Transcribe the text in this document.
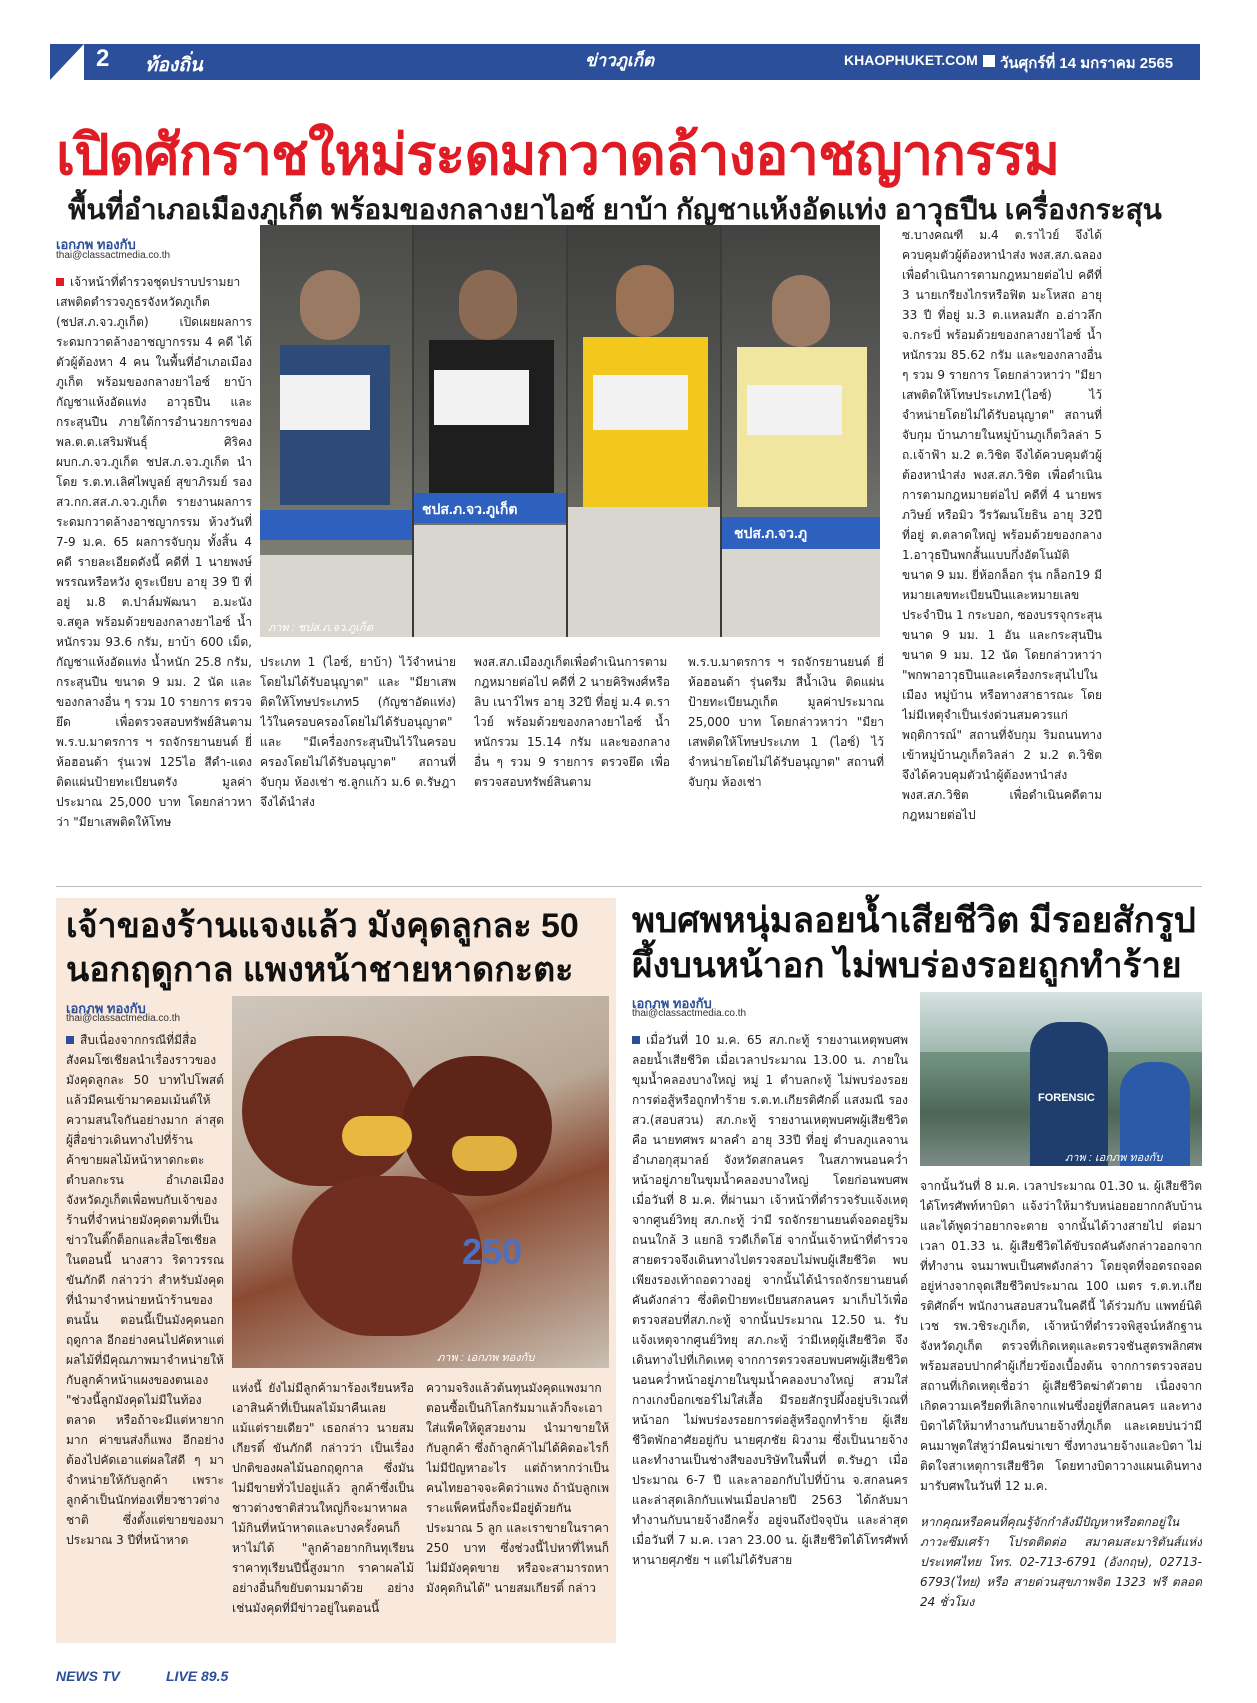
2 ท้องถิ่น	ข่าวภูเก็ต	KHAOPHUKET.COM วันศุกร์ที่ 14 มกราคม 2565
เปิดศักราชใหม่ระดมกวาดล้างอาชญากรรม
พื้นที่อำเภอเมืองภูเก็ต พร้อมของกลางยาไอซ์ ยาบ้า กัญชาแห้งอัดแท่ง อาวุธปืน เครื่องกระสุน
เอกภพ ทองกับ
thai@classactmedia.co.th

เจ้าหน้าที่ตำรวจชุดปราบปรามยาเสพติดตำรวจภูธรจังหวัดภูเก็ต (ชปส.ภ.จว.ภูเก็ต) เปิดเผยผลการระดมกวาดล้างอาชญากรรม 4 คดี ได้ตัวผู้ต้องหา 4 คน ในพื้นที่อำเภอเมืองภูเก็ต พร้อมของกลางยาไอซ์ ยาบ้า กัญชาแห้งอัดแท่ง อาวุธปืน และกระสุนปืน ภายใต้การอำนวยการของ พล.ต.ต.เสริมพันธุ์ ศิริคง ผบก.ภ.จว.ภูเก็ต ชปส.ภ.จว.ภูเก็ต นำโดย ร.ต.ท.เลิศไพบูลย์ สุขาภิรมย์ รอง สว.กก.สส.ภ.จว.ภูเก็ต รายงานผลการระดมกวาดล้างอาชญากรรม ห้วงวันที่ 7-9 ม.ค. 65 ผลการจับกุม ทั้งสิ้น 4 คดี รายละเอียดดังนี้ คดีที่ 1 นายพงษ์พรรณหรือหวัง ดูระเบียบ อายุ 39 ปี ที่อยู่ ม.8 ต.ปาล์มพัฒนา อ.มะนัง จ.สตูล พร้อมด้วยของกลางยาไอซ์ น้ำหนักรวม 93.6 กรัม, ยาบ้า 600 เม็ด, กัญชาแห้งอัดแท่ง น้ำหนัก 25.8 กรัม, กระสุนปืน ขนาด 9 มม. 2 นัด และของกลางอื่น ๆ รวม 10 รายการ ตรวจยึด เพื่อตรวจสอบทรัพย์สินตาม พ.ร.บ.มาตรการ ฯ รถจักรยานยนต์ ยี่ห้อฮอนด้า รุ่นเวฟ 125ไอ สีดำ-แดง ติดแผ่นป้ายทะเบียนตรัง มูลค่าประมาณ 25,000 บาท โดยกล่าวหาว่า "มียาเสพติดให้โทษ

ชปส.ภ.จว.ภูเก็ต
ชปส.ภ.จว.ภู
ภาพ : ชปส.ภ.จว.ภูเก็ต
ประเภท 1 (ไอซ์, ยาบ้า) ไว้จำหน่ายโดยไม่ได้รับอนุญาต" และ "มียาเสพติดให้โทษประเภท5 (กัญชาอัดแท่ง) ไว้ในครอบครองโดยไม่ได้รับอนุญาต" และ "มีเครื่องกระสุนปืนไว้ในครอบครองโดยไม่ได้รับอนุญาต" สถานที่จับกุม ห้องเช่า ซ.ลูกแก้ว ม.6 ต.รัษฎา จึงได้นำส่ง
พงส.สภ.เมืองภูเก็ตเพื่อดำเนินการตามกฎหมายต่อไป คดีที่ 2 นายคิริพงศ์หรือลิบ เนาว์ไพร อายุ 32ปี ที่อยู่ ม.4 ต.ราไวย์ พร้อมด้วยของกลางยาไอซ์ น้ำหนักรวม 15.14 กรัม และของกลางอื่น ๆ รวม 9 รายการ ตรวจยึด เพื่อตรวจสอบทรัพย์สินตาม
พ.ร.บ.มาตรการ ฯ รถจักรยานยนต์ ยี่ห้อฮอนด้า รุ่นดรีม สีน้ำเงิน ติดแผ่นป้ายทะเบียนภูเก็ต มูลค่าประมาณ 25,000 บาท โดยกล่าวหาว่า "มียาเสพติดให้โทษประเภท 1 (ไอซ์) ไว้จำหน่ายโดยไม่ได้รับอนุญาต" สถานที่จับกุม ห้องเช่า
ซ.บางคณฑี ม.4 ต.ราไวย์ จึงได้ควบคุมตัวผู้ต้องหานำส่ง พงส.สภ.ฉลอง เพื่อดำเนินการตามกฎหมายต่อไป คดีที่ 3 นายเกรียงไกรหรือฟิต มะโหสถ อายุ 33 ปี ที่อยู่ ม.3 ต.แหลมสัก อ.อ่าวลึก จ.กระบี่ พร้อมด้วยของกลางยาไอซ์ น้ำหนักรวม 85.62 กรัม และของกลางอื่น ๆ รวม 9 รายการ โดยกล่าวหาว่า "มียาเสพติดให้โทษประเภท1(ไอซ์) ไว้จำหน่ายโดยไม่ได้รับอนุญาต" สถานที่จับกุม บ้านภายในหมู่บ้านภูเก็ตวิลล่า 5 ถ.เจ้าฟ้า ม.2 ต.วิชิต จึงได้ควบคุมตัวผู้ต้องหานำส่ง พงส.สภ.วิชิต เพื่อดำเนินการตามกฎหมายต่อไป คดีที่ 4 นายพรภวิษย์ หรือมิว วีรวัฒนโยธิน อายุ 32ปี ที่อยู่ ต.ตลาดใหญ่ พร้อมด้วยของกลาง 1.อาวุธปืนพกสั้นแบบกึ่งอัตโนมัติ ขนาด 9 มม. ยี่ห้อกล็อก รุ่น กล็อก19 มีหมายเลขทะเบียนปืนและหมายเลขประจำปืน 1 กระบอก, ซองบรรจุกระสุน ขนาด 9 มม. 1 อัน และกระสุนปืน ขนาด 9 มม. 12 นัด โดยกล่าวหาว่า "พกพาอาวุธปืนและเครื่องกระสุนไปในเมือง หมู่บ้าน หรือทางสาธารณะ โดยไม่มีเหตุจำเป็นเร่งด่วนสมควรแก่พฤติการณ์" สถานที่จับกุม ริมถนนทางเข้าหมู่บ้านภูเก็ตวิลล่า 2 ม.2 ต.วิชิต จึงได้ควบคุมตัวนำผู้ต้องหานำส่ง พงส.สภ.วิชิต เพื่อดำเนินคดีตามกฎหมายต่อไป
เจ้าของร้านแจงแล้ว มังคุดลูกละ 50 นอกฤดูกาล แพงหน้าชายหาดกะตะ
เอกภพ ทองกับ
thai@classactmedia.co.th
250
ภาพ : เอกภพ ทองกับ

สืบเนื่องจากกรณีที่มีสื่อสังคมโซเชียลนำเรื่องราวของมังคุดลูกละ 50 บาทไปโพสต์ แล้วมีคนเข้ามาคอมเม้นต์ให้ความสนใจกันอย่างมาก ล่าสุด ผู้สื่อข่าวเดินทางไปที่ร้านค้าขายผลไม้หน้าหาดกะตะ ตำบลกะรน อำเภอเมือง จังหวัดภูเก็ตเพื่อพบกับเจ้าของร้านที่จำหน่ายมังคุดตามที่เป็นข่าวในติ๊กต็อกและสื่อโซเชียลในตอนนี้ นางสาว ริดาวรรณ ขันภักดี กล่าวว่า สำหรับมังคุดที่นำมาจำหน่ายหน้าร้านของตนนั้น ตอนนี้เป็นมังคุดนอกฤดูกาล อีกอย่างคนไปคัดหาแต่ผลไม้ที่มีคุณภาพมาจำหน่ายให้กับลูกค้าหน้าแผงของตนเอง "ช่วงนี้ลูกมังคุดไม่มีในท้องตลาด หรือถ้าจะมีแต่หายากมาก ค่าขนส่งก็แพง อีกอย่างต้องไปคัดเอาแต่ผลใส่ดี ๆ มาจำหน่ายให้กับลูกค้า เพราะลูกค้าเป็นนักท่องเที่ยวชาวต่างชาติ ซึ่งตั้งแต่ขายของมาประมาณ 3 ปีที่หน้าหาด

แห่งนี้ ยังไม่มีลูกค้ามาร้องเรียนหรือเอาสินค้าที่เป็นผลไม้มาคืนเลยแม้แต่รายเดียว" เธอกล่าว นายสมเกียรติ์ ขันภักดี กล่าวว่า เป็นเรื่องปกติของผลไม้นอกฤดูกาล ซึ่งมันไม่มีขายทั่วไปอยู่แล้ว ลูกค้าซึ่งเป็นชาวต่างชาติส่วนใหญ่ก็จะมาหาผลไม้กินที่หน้าหาดและบางครั้งคนก็หาไม่ได้ "ลูกค้าอยากกินทุเรียนราคาทุเรียนปีนี้สูงมาก ราคาผลไม้อย่างอื่นก็ขยับตามมาด้วย อย่างเช่นมังคุดที่มีข่าวอยู่ในตอนนี้
ความจริงแล้วต้นทุนมังคุดแพงมากตอนซื้อเป็นกิโลกรัมมาแล้วก็จะเอาใส่แพ็คให้ดูสวยงาม นำมาขายให้กับลูกค้า ซึ่งถ้าลูกค้าไม่ได้คิดอะไรก็ไม่มีปัญหาอะไร แต่ถ้าหากว่าเป็นคนไทยอาจจะคิดว่าแพง ถ้านับลูกเพราะแพ็คหนึ่งก็จะมีอยู่ด้วยกันประมาณ 5 ลูก และเราขายในราคา 250 บาท ซึ่งช่วงนี้ไปหาที่ไหนก็ไม่มีมังคุดขาย หรือจะสามารถหามังคุดกินได้" นายสมเกียรติ์ กล่าว
พบศพหนุ่มลอยน้ำเสียชีวิต มีรอยสักรูปผึ้งบนหน้าอก ไม่พบร่องรอยถูกทำร้าย
เอกภพ ทองกับ
thai@classactmedia.co.th
FORENSIC
ภาพ : เอกภพ ทองกับ

เมื่อวันที่ 10 ม.ค. 65 สภ.กะทู้ รายงานเหตุพบศพลอยน้ำเสียชีวิต เมื่อเวลาประมาณ 13.00 น. ภายในขุมน้ำคลองบางใหญ่ หมู่ 1 ตำบลกะทู้ ไม่พบร่องรอยการต่อสู้หรือถูกทำร้าย ร.ต.ท.เกียรติศักดิ์ แสงมณี รอง สว.(สอบสวน) สภ.กะทู้ รายงานเหตุพบศพผู้เสียชีวิต คือ นายทศพร ผาลคำ อายุ 33ปี ที่อยู่ ตำบลภูแลจาน อำเภอกุสุมาลย์ จังหวัดสกลนคร ในสภาพนอนคว่ำหน้าอยู่ภายในขุมน้ำคลองบางใหญ่ โดยก่อนพบศพ เมื่อวันที่ 8 ม.ค. ที่ผ่านมา เจ้าหน้าที่ตำรวจรับแจ้งเหตุจากศูนย์วิทยุ สภ.กะทู้ ว่ามี รถจักรยานยนต์จอดอยู่ริมถนนใกล้ 3 แยกอิ รวดีเก็ตโฮ่ จากนั้นเจ้าหน้าที่ตำรวจสายตรวจจึงเดินทางไปตรวจสอบไม่พบผู้เสียชีวิต พบเพียงรองเท้าถอดวางอยู่ จากนั้นได้นำรถจักรยานยนต์คันดังกล่าว ซึ่งติดป้ายทะเบียนสกลนคร มาเก็บไว้เพื่อตรวจสอบที่สภ.กะทู้ จากนั้นประมาณ 12.50 น. รับแจ้งเหตุจากศูนย์วิทยุ สภ.กะทู้ ว่ามีเหตุผู้เสียชีวิต จึงเดินทางไปที่เกิดเหตุ จากการตรวจสอบพบศพผู้เสียชีวิตนอนคว่ำหน้าอยู่ภายในขุมน้ำคลองบางใหญ่ สวมใส่กางเกงบ็อกเซอร์ไม่ใส่เสื้อ มีรอยสักรูปผึ้งอยู่บริเวณที่หน้าอก ไม่พบร่องรอยการต่อสู้หรือถูกทำร้าย ผู้เสียชีวิตพักอาศัยอยู่กับ นายศุภชัย ผิวงาม ซึ่งเป็นนายจ้างและทำงานเป็นช่างสีของบริษัทในพื้นที่ ต.รัษฎา เมื่อประมาณ 6-7 ปี และลาออกกับไปที่บ้าน จ.สกลนคร และล่าสุดเลิกกับแฟนเมื่อปลายปี 2563 ได้กลับมาทำงานกับนายจ้างอีกครั้ง อยู่จนถึงปัจจุบัน และล่าสุดเมื่อวันที่ 7 ม.ค. เวลา 23.00 น. ผู้เสียชีวิตได้โทรศัพท์หานายศุภชัย ฯ แต่ไม่ได้รับสาย

จากนั้นวันที่ 8 ม.ค. เวลาประมาณ 01.30 น. ผู้เสียชีวิตได้โทรศัพท์หาบิดา แจ้งว่าให้มารับหน่อยอยากกลับบ้าน และได้พูดว่าอยากจะตาย จากนั้นได้วางสายไป ต่อมาเวลา 01.33 น. ผู้เสียชีวิตได้ขับรถคันดังกล่าวออกจากที่ทำงาน จนมาพบเป็นศพดังกล่าว โดยจุดที่จอดรถจอดอยู่ห่างจากจุดเสียชีวิตประมาณ 100 เมตร ร.ต.ท.เกียรติศักดิ์ฯ พนักงานสอบสวนในคดีนี้ ได้ร่วมกับ แพทย์นิติเวช รพ.วชิระภูเก็ต, เจ้าหน้าที่ตำรวจพิสูจน์หลักฐาน จังหวัดภูเก็ต ตรวจที่เกิดเหตุและตรวจชันสูตรพลิกศพ พร้อมสอบปากคำผู้เกี่ยวข้องเบื้องต้น จากการตรวจสอบสถานที่เกิดเหตุเชื่อว่า ผู้เสียชีวิตฆ่าตัวตาย เนื่องจากเกิดความเครียดที่เลิกจากแฟนซึ่งอยู่ที่สกลนคร และทางบิดาได้ให้มาทำงานกับนายจ้างที่ภูเก็ต และเคยบ่นว่ามีคนมาพูดใส่หูว่ามีคนฆ่าเขา ซึ่งทางนายจ้างและบิดา ไม่ติดใจสาเหตุการเสียชีวิต โดยทางบิดาวางแผนเดินทางมารับศพในวันที่ 12 ม.ค.
หากคุณหรือคนที่คุณรู้จักกำลังมีปัญหาหรือตกอยู่ในภาวะซึมเศร้า โปรดติดต่อ สมาคมสะมาริตันส์แห่งประเทศไทย โทร. 02-713-6791 (อังกฤษ), 02713-6793(ไทย) หรือ สายด่วนสุขภาพจิต 1323 ฟรี ตลอด 24 ชั่วโมง
NEWS TV	LIVE 89.5
